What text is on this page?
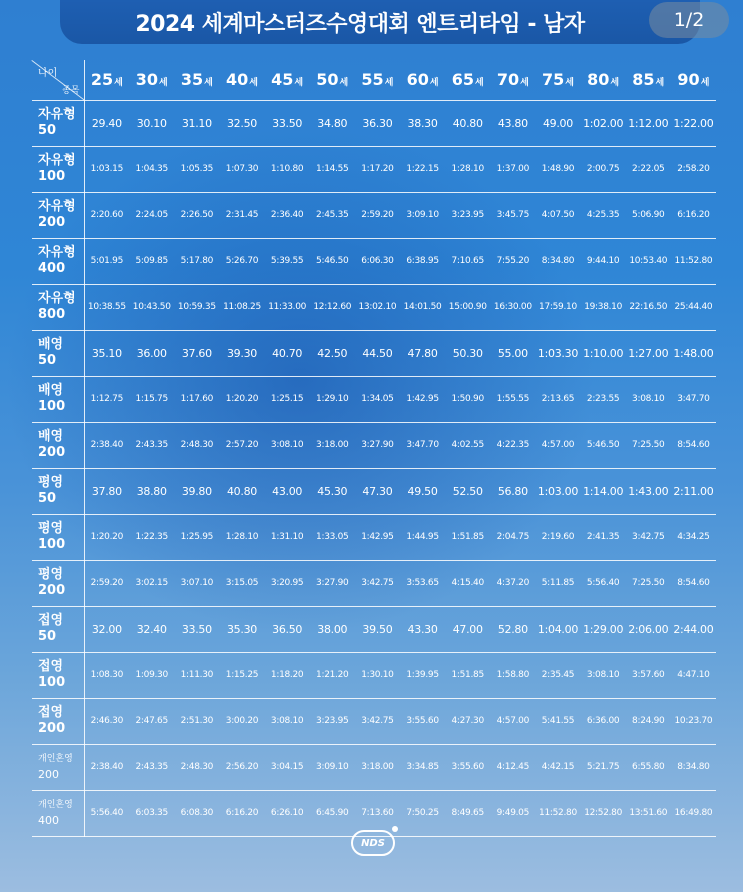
2024 세계마스터즈수영대회 엔트리타임 - 남자	1/2
나이
종목	25세	30세	35세	40세	45세	50세	55세	60세	65세	70세	75세	80세	85세	90세

자유형
50	29.40	30.10	31.10	32.50	33.50	34.80	36.30	38.30	40.80	43.80	49.00	1:02.00	1:12.00	1:22.00

자유형
100	1:03.15	1:04.35	1:05.35	1:07.30	1:10.80	1:14.55	1:17.20	1:22.15	1:28.10	1:37.00	1:48.90	2:00.75	2:22.05	2:58.20

자유형
200	2:20.60	2:24.05	2:26.50	2:31.45	2:36.40	2:45.35	2:59.20	3:09.10	3:23.95	3:45.75	4:07.50	4:25.35	5:06.90	6:16.20

자유형
400	5:01.95	5:09.85	5:17.80	5:26.70	5:39.55	5:46.50	6:06.30	6:38.95	7:10.65	7:55.20	8:34.80	9:44.10	10:53.40	11:52.80

자유형
800	10:38.55	10:43.50	10:59.35	11:08.25	11:33.00	12:12.60	13:02.10	14:01.50	15:00.90	16:30.00	17:59.10	19:38.10	22:16.50	25:44.40

배영
50	35.10	36.00	37.60	39.30	40.70	42.50	44.50	47.80	50.30	55.00	1:03.30	1:10.00	1:27.00	1:48.00

배영
100	1:12.75	1:15.75	1:17.60	1:20.20	1:25.15	1:29.10	1:34.05	1:42.95	1:50.90	1:55.55	2:13.65	2:23.55	3:08.10	3:47.70

배영
200	2:38.40	2:43.35	2:48.30	2:57.20	3:08.10	3:18.00	3:27.90	3:47.70	4:02.55	4:22.35	4:57.00	5:46.50	7:25.50	8:54.60

평영
50	37.80	38.80	39.80	40.80	43.00	45.30	47.30	49.50	52.50	56.80	1:03.00	1:14.00	1:43.00	2:11.00

평영
100	1:20.20	1:22.35	1:25.95	1:28.10	1:31.10	1:33.05	1:42.95	1:44.95	1:51.85	2:04.75	2:19.60	2:41.35	3:42.75	4:34.25

평영
200	2:59.20	3:02.15	3:07.10	3:15.05	3:20.95	3:27.90	3:42.75	3:53.65	4:15.40	4:37.20	5:11.85	5:56.40	7:25.50	8:54.60

접영
50	32.00	32.40	33.50	35.30	36.50	38.00	39.50	43.30	47.00	52.80	1:04.00	1:29.00	2:06.00	2:44.00

접영
100	1:08.30	1:09.30	1:11.30	1:15.25	1:18.20	1:21.20	1:30.10	1:39.95	1:51.85	1:58.80	2:35.45	3:08.10	3:57.60	4:47.10

접영
200	2:46.30	2:47.65	2:51.30	3:00.20	3:08.10	3:23.95	3:42.75	3:55.60	4:27.30	4:57.00	5:41.55	6:36.00	8:24.90	10:23.70

개인혼영
200	2:38.40	2:43.35	2:48.30	2:56.20	3:04.15	3:09.10	3:18.00	3:34.85	3:55.60	4:12.45	4:42.15	5:21.75	6:55.80	8:34.80

개인혼영
400	5:56.40	6:03.35	6:08.30	6:16.20	6:26.10	6:45.90	7:13.60	7:50.25	8:49.65	9:49.05	11:52.80	12:52.80	13:51.60	16:49.80
NDS
